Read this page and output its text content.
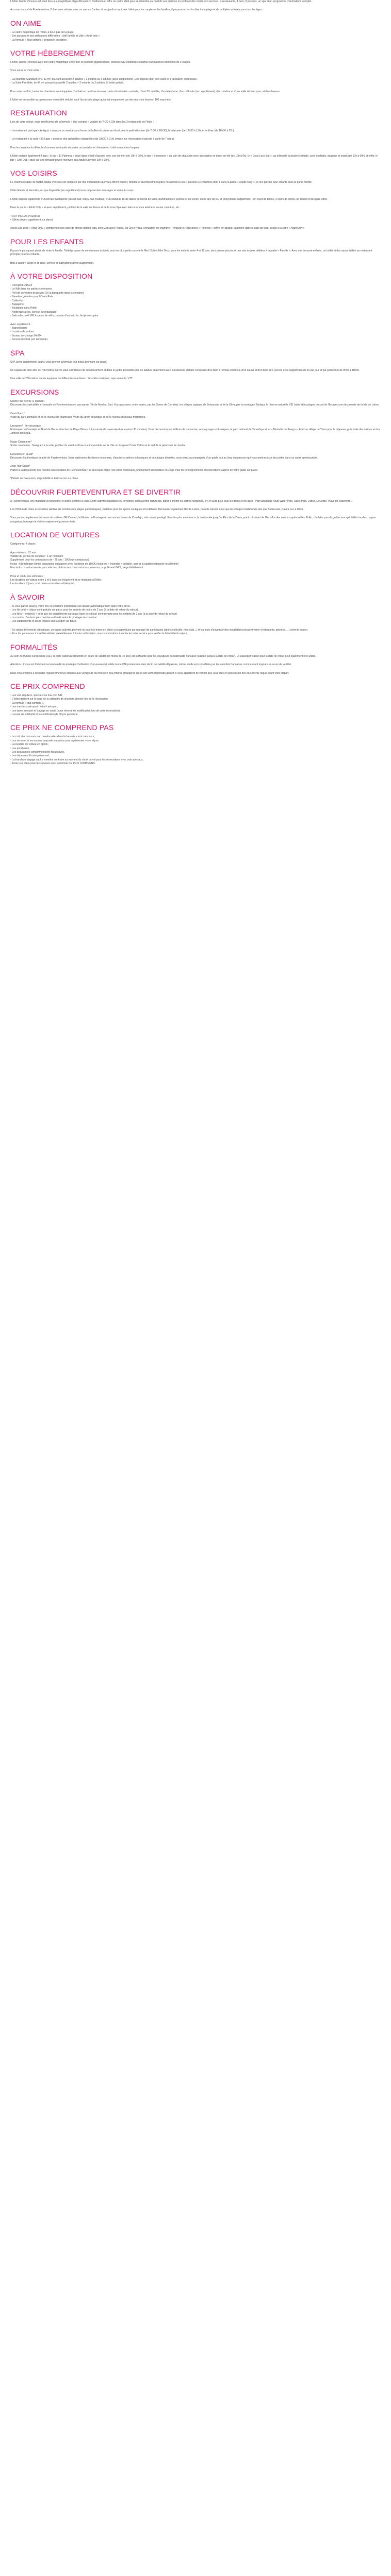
L'hôtel Jandia Princess est situé face à la magnifique plage d'Esquinzo Butihondo et offre un cadre idéal pour se détendre au bord de ses piscines en profitant des nombreux services : 4 restaurants, 4 bars, 9 piscines, un spa et un programme d'animations complet.

Au cœur du sud de Fuerteventura, l'hôtel vous séduira avec sa vue sur l'océan et ses jardins tropicaux. Idéal pour les couples et les familles, il propose un accès direct à la plage et de multiples activités pour tous les âges.

ON AIME

- Le cadre magnifique de l'hôtel, à deux pas de la plage.
- Ses piscines et ses ambiances différentes : côté famille et côté « Adult only ».
- La formule « Tout compris » proposée en option.

VOTRE HÉBERGEMENT

L'hôtel Jandia Princess avec son cadre magnifique entre mer et palmiers gigantesques, possède 612 chambres réparties sur plusieurs bâtiments de 3 étages.

Vous aurez le choix entre :

- La chambre Standard (env. 32 m²) pouvant accueillir 2 adultes + 2 enfants ou 3 adultes (avec supplément). Elle dispose d'un coin salon et d'un balcon ou terrasse.
- La Suite Familiale, de 64 m², pouvant accueillir 2 adultes + 2 enfants ou 3 adultes (lit bébé gratuit).

Pour votre confort, toutes les chambres sont équipées d'un balcon ou d'une terrasse, de la climatisation centrale, d'une TV satellite, d'un téléphone, d'un coffre-fort (en supplément), d'un minibar et d'une salle de bain avec sèche-cheveux.

L'hôtel est accessible aux personnes à mobilité réduite, sauf l'accès à la plage qui a fait uniquement par des marches (environ 100 marches).

RESTAURATION

Lors de votre séjour, vous bénéficierez de la formule « tout compris » valable de 7h30 à 23h dans les 3 restaurants de l'hôtel :

- Le restaurant principal « Antigua » propose un service sous forme de buffet et cuisine en direct pour le petit-déjeuner (de 7h30 à 10h30), le déjeuner (de 12h30 à 15h) et le dîner (de 18h30 à 22h).

- Le restaurant à la carte « El Lago » propose des spécialités espagnoles (de 18h30 à 21h) (entrée sur réservation et payant à partir de 7 jours).

Pour les services du dîner, les hommes sont priés de porter un pantalon et chemise ou t-shirt à manches longues.

L'hôtel compte également 4 bars : le bar « El Palmeral » situé dans le hall d'accueil avec vue sur mer (de 10h à 00h), le bar « Botonuevo » au coin de chaussée avec spectacles en direct en été (de 10h à 0h), le « Coco Loco Bar », au milieu de la piscine centrale, avec cocktails, musique et snack (de 17h à 00h) et enfin, le bar « Chill Out » situé sur une terrasse privée réservée aux Adults Only (de 10h à 18h).

VOS LOISIRS

Le charmant cadre de l'hôtel Jandia Princess est complété par des installations qui vous offrent confort, détente et divertissement grâce notamment à ses 4 piscines (3 chauffées dont 1 dans la partie « Adults Only ») et une piscine pour enfants dans la partie famille.

Côté détente et bien-être, un spa disponible (en supplément) vous propose des massages et soins du corps.

L'hôtel dispose également d'un terrain multisports (basket-ball, volley-ball, football), d'un stand de tir, de tables de tennis de table, d'animation en journée et en soirée, d'une aire de jeu et (moyennant supplément) : un court de tennis, 3 cours de tennis, un billard et des jeux vidéo.

Dans la partie « Adult Only » et avec supplément, profitez de la salle de fitness et de la zone Spa avec bain à remous extérieur, sauna, bain turc, etc.

TOUT INCLUS PREMIUM
• Sillons (Avec supplément sur place)

Accès à la zone « Adult Only » comprenant une salle de fitness dédiée, spa, zone Zen avec Pilates, Tai Chi et Yoga. Annulation en chambre : Pringear et « Business » Princess » coffre-fort gratuit, baignoire dans la salle de bain, accès à la zone « Adult Only »

POUR LES ENFANTS

Et pour le plus grand plaisir de toute la famille, l'hôtel propose de nombreuses activités pour les plus petits comme le Mini Club et Mini Disco pour les enfants entre 4 et 12 ans, ainsi qu'une piscine et une aire de jeux dédiées à la partie « Famille ». Avec une terrasse enfants, un buffet et des repas dédiés au restaurant principal pour les enfants.

Bon à savoir : Siège et lit bébé, service de babysitting (avec supplément).

À VOTRE DISPOSITION

- Réception 24h/24
- Le Wifi dans les parties communes
- Prêt de serviettes de piscine (2x la banquette dans la semaine)
- Navettes gratuites pour l'Oasis Park
- Coffre-fort
- Bagagerie
- Boutiques dans l'hôtel
- Nettoyage à sec, service de repassage
- Salon d'accueil VIP, location de vélos, bureau d'accueil Jet, fax/photocopies.

Avec supplément :
- Blanchisserie
- Location de voiture
- Bureau de change 24h/24
- Service médical (sur demande)

SPA

SPA (avec supplément) sauf si vous prenez la formule tout inclus premium sur place)

Un espace de bien-être de 700 mètres carrés situé à l'intérieur de l'établissement et dans le jardin accessible par les adultes seulement avec la brasserie gratuite composée d'un bain à remous extérieur, d'un sauna et d'un bain turc. (Accès avec supplément de 16 par jour et par personne) de 9h30 à 18h00.

Une salle de 200 mètres carrés équipées de différentes machines : des vélos statiques, tapis roulants, VTT...

EXCURSIONS

Grand Tour de l'île (1 journée)
Découvrez les spécialités et beautés de Fuerteventura en parcourant l'île de Nord au Sud. Vous passerez, entre autres, par les Dunes de Corralejo, les villages typiques de Betancuria et de la Oliva, par la montagne Tindaya, la réserve naturelle d'El Jable et les plages du sud de l'île avec une découverte de la Isla de Lobos.

Oasis Parc *
Visite du parc animalier et de la réserve de chameaux. Visite du jardin botanique et de la réserve d'oiseaux migrateurs.

Lanzarote* : île volcanique
Embarquez à Corralejo au Nord de l'île en direction de Playa Blanca à Lanzarote (la traversée dure environ 30 minutes). Vous découvrirez les édifices de Lanzarote, ses paysages volcaniques, le parc national de Timanfaya et sa « Montaña del Fuego ». Arrêt au village de Yaiza pour le déjeuner, puis visite des salines et des Jameos del Agua.

Magic Catamaran*
Sortie catamaran : Naviguez à la voile, profitez du soleil et d'une vue imprenable sur la côte en longeant Costa Calma et le sud de la péninsule de Jandia.

Excursion en Quad*
Découvrez l'authentique beauté de Fuerteventura. Vous explorerez des terres inconnues, d'anciens cratères volcaniques et des plages désertes, vous serez accompagnés d'un guide tout au long du parcours qui vous amènera sur des pistes dans un cadre spectaculaire.

Jeep Tour Safari*
Partez à la découverte des recoins inaccessibles de Fuerteventura : sa plus belle plage, ses côtes rocheuses, uniquement accessibles en Jeep. Plus de renseignements et réservations auprès de votre guide sur place.

*Détails de l'excursion, disponibilité et tarifs à voir sur place.

DÉCOUVRIR FUERTEVENTURA ET SE DIVERTIR

À Fuerteventura, une multitude d'excursions et loisirs s'offrent à vous. Entre activités nautiques ou terrestres, découvertes culturelles, parcs à thème ou sorties nocturnes, il y en aura pour tous les goûts et les âges : Parc aquatique Acua Water Park, Oasis Park, Lobos, El Cotillo, Playa de Sotavento...

Los 150 km de côtes accessibles abritent de nombreuses plages paradisiaques, parfaites pour les sports nautiques et la détente. Découvrez également l'île de Lobos, paradis naturel, ainsi que les villages traditionnels tels que Betancuria, Pájara ou La Oliva.

Vous pourrez également découvrir les salines d'El Carmen, le Musée du Fromage ou encore les dunes de Corralejo, site naturel protégé. Pour les plus aventureux, la randonnée jusqu'au Pico de la Zarza, point culminant de l'île, offre des vues exceptionnelles. Enfin, n'oubliez pas de goûter aux spécialités locales : papas arrugadas, fromage de chèvre majorero et poissons frais.

LOCATION DE VOITURES

Catégorie A : 4 places

Âge minimum : 21 ans
Validité du permis de conduire : 1 an minimum
Supplément pour les conducteurs de - 25 ans : 10€/jour (conducteur)
Inclus : Kilométrage illimité, Assurance obligatoire avec franchise de 1500€ (inclut vol + incendie + collision, sauf si la caution est payée localement)
Non inclus : caution versée par carte de crédit au nom du conducteur, essence, supplément GPS, siège bébé/enfant.

Prise et rendu des véhicules :
Les locations de voiture entre 1 et 6 jours se récupèrent et se restituent à l'hôtel.
Les locations 7 jours, sont prises et rendues à l'aéroport.

À SAVOIR

- Si vous partez seul(e), votre prix en chambre individuelle est calculé automatiquement dans votre devis.
- Les lits bébé + séjour sont gratuits sur place pour les enfants de moins de 2 ans (à la date de retour du séjour).
- Les lit(s) + enfant(s) + ainsi que les suppléments sur place (taxe de séjour) sont payants pour les enfants de 2 ans (à la date de retour du séjour).
- Le nombre d'enfants par chambre est limité selon la typologie de chambre.
- Les suppléments et taxes locales sont à régler sur place.

- En raison d'éléments climatiques, certaines activités peuvent ne pas être mises en place ou suspendues par manque de participants (sports collectifs, mini-club...) et les jours d'ouverture des installations peuvent varier (restaurants, piscines, ...) selon la saison.
- Pour les personnes à mobilité réduite, préalablement à toute confirmation, nous vous invitons à contacter notre service pour vérifier la faisabilité du séjour.

FORMALITÉS

Au sein de l'Union européenne (UE), la carte nationale d'identité en cours de validité (et moins de 10 ans) est suffisante pour les voyageurs de nationalité française (validité jusqu'à la date de retour). Le passeport valide pour la date de retour peut également être utilisé.

Attention : il vous est fortement recommandé de privilégier l'utilisation d'un passeport valide à une CNI portant une date de fin de validité dépassée, même si elle est considérée par les autorités françaises comme étant toujours en cours de validité.

Nous vous invitons à consulter régulièrement les conseils aux voyageurs du ministère des Affaires étrangères sur le site www.diplomatie.gouv.fr. Il vous appartient de vérifier que vous êtes en possession des documents requis avant votre départ.

CE PRIX COMPREND

- Les vols réguliers, spéciaux ou low cost A/R,
- L'hébergement sur la base de la catégorie de chambre choisie lors de la réservation,
- La formule « tout compris »,
- Les transferts aéroport / hôtel / aéroport,
- Les taxes aéroport et bagage en soute (sous réserve de modification lors de votre réservation),
- La taxe de solidarité et la contribution de 3€ par personne.

CE PRIX NE COMPREND PAS

- Le coût des boissons non mentionnées dans la formule « tout compris »,
- Les services et excursions proposés sur place pour agrémenter votre séjour,
- La location de voiture en option,
- Les pourboires,
- Les assurances complémentaires facultatives,
- Les dépenses d'ordre personnel,
- La franchise bagage sauf si mention contraire au moment du choix du vol pour les réservations avec vols spéciaux,
- Taxes sur place pour les services avec la formule CE PRIX COMPREND.
